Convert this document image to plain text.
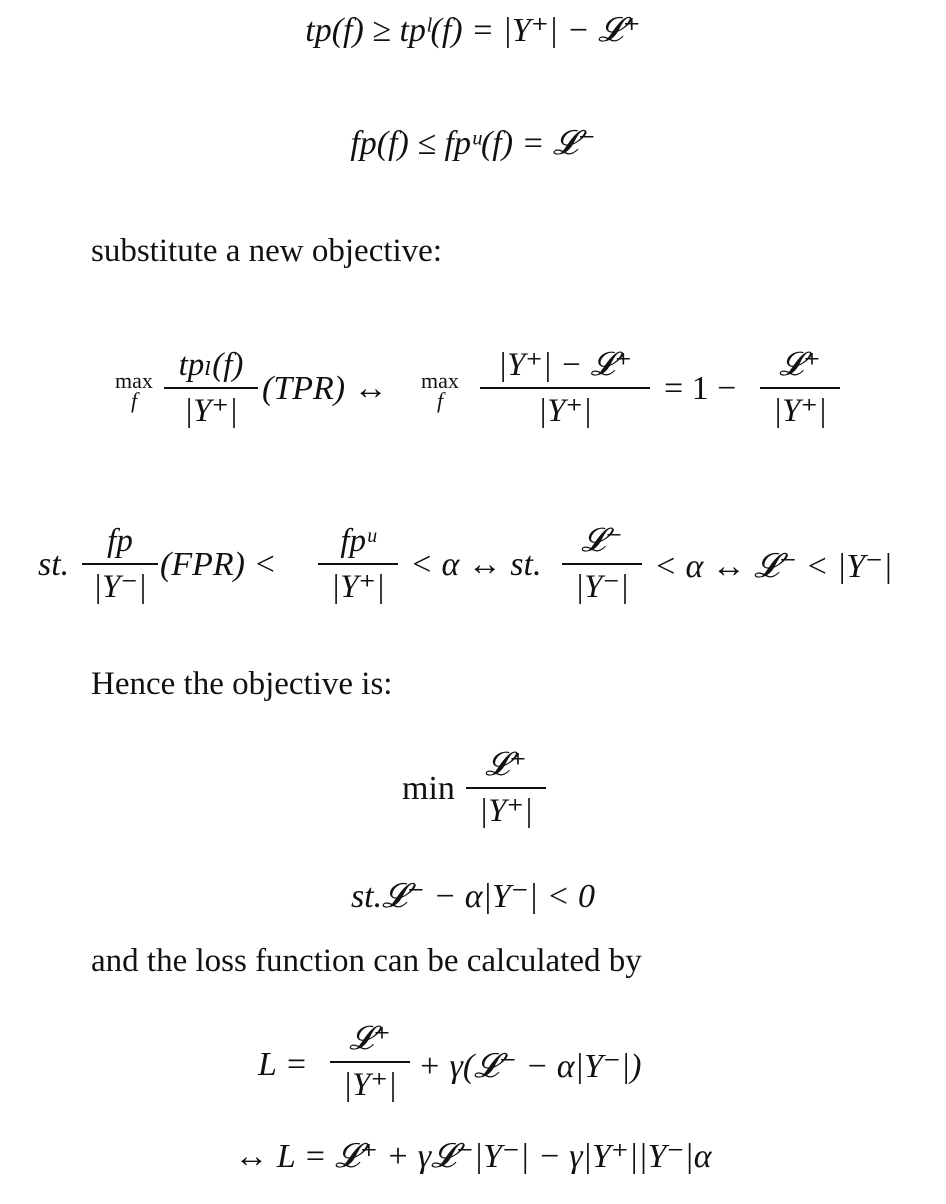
tp(f) ≥ tpˡ(f) = |Y⁺| − 𝓛⁺
fp(f) ≤ fpᵘ(f) = 𝓛⁻
substitute a new objective:
max
f
tpₗ(f)
|Y⁺|
(TPR) ↔	max
f
|Y⁺| − 𝓛⁺
|Y⁺|
= 1 −
𝓛⁺
|Y⁺|
st.
fp
|Y⁻|
(FPR) <
fpᵘ
|Y⁺|
< α ↔ st.
𝓛⁻
|Y⁻|
< α ↔ 𝓛⁻ < |Y⁻|
Hence the objective is:
min
𝓛⁺
|Y⁺|
st.𝓛⁻ − α|Y⁻| < 0
and the loss function can be calculated by
L =
𝓛⁺
|Y⁺| + γ(𝓛⁻ − α|Y⁻|)
↔ L = 𝓛⁺ + γ𝓛⁻|Y⁻| − γ|Y⁺||Y⁻|α
